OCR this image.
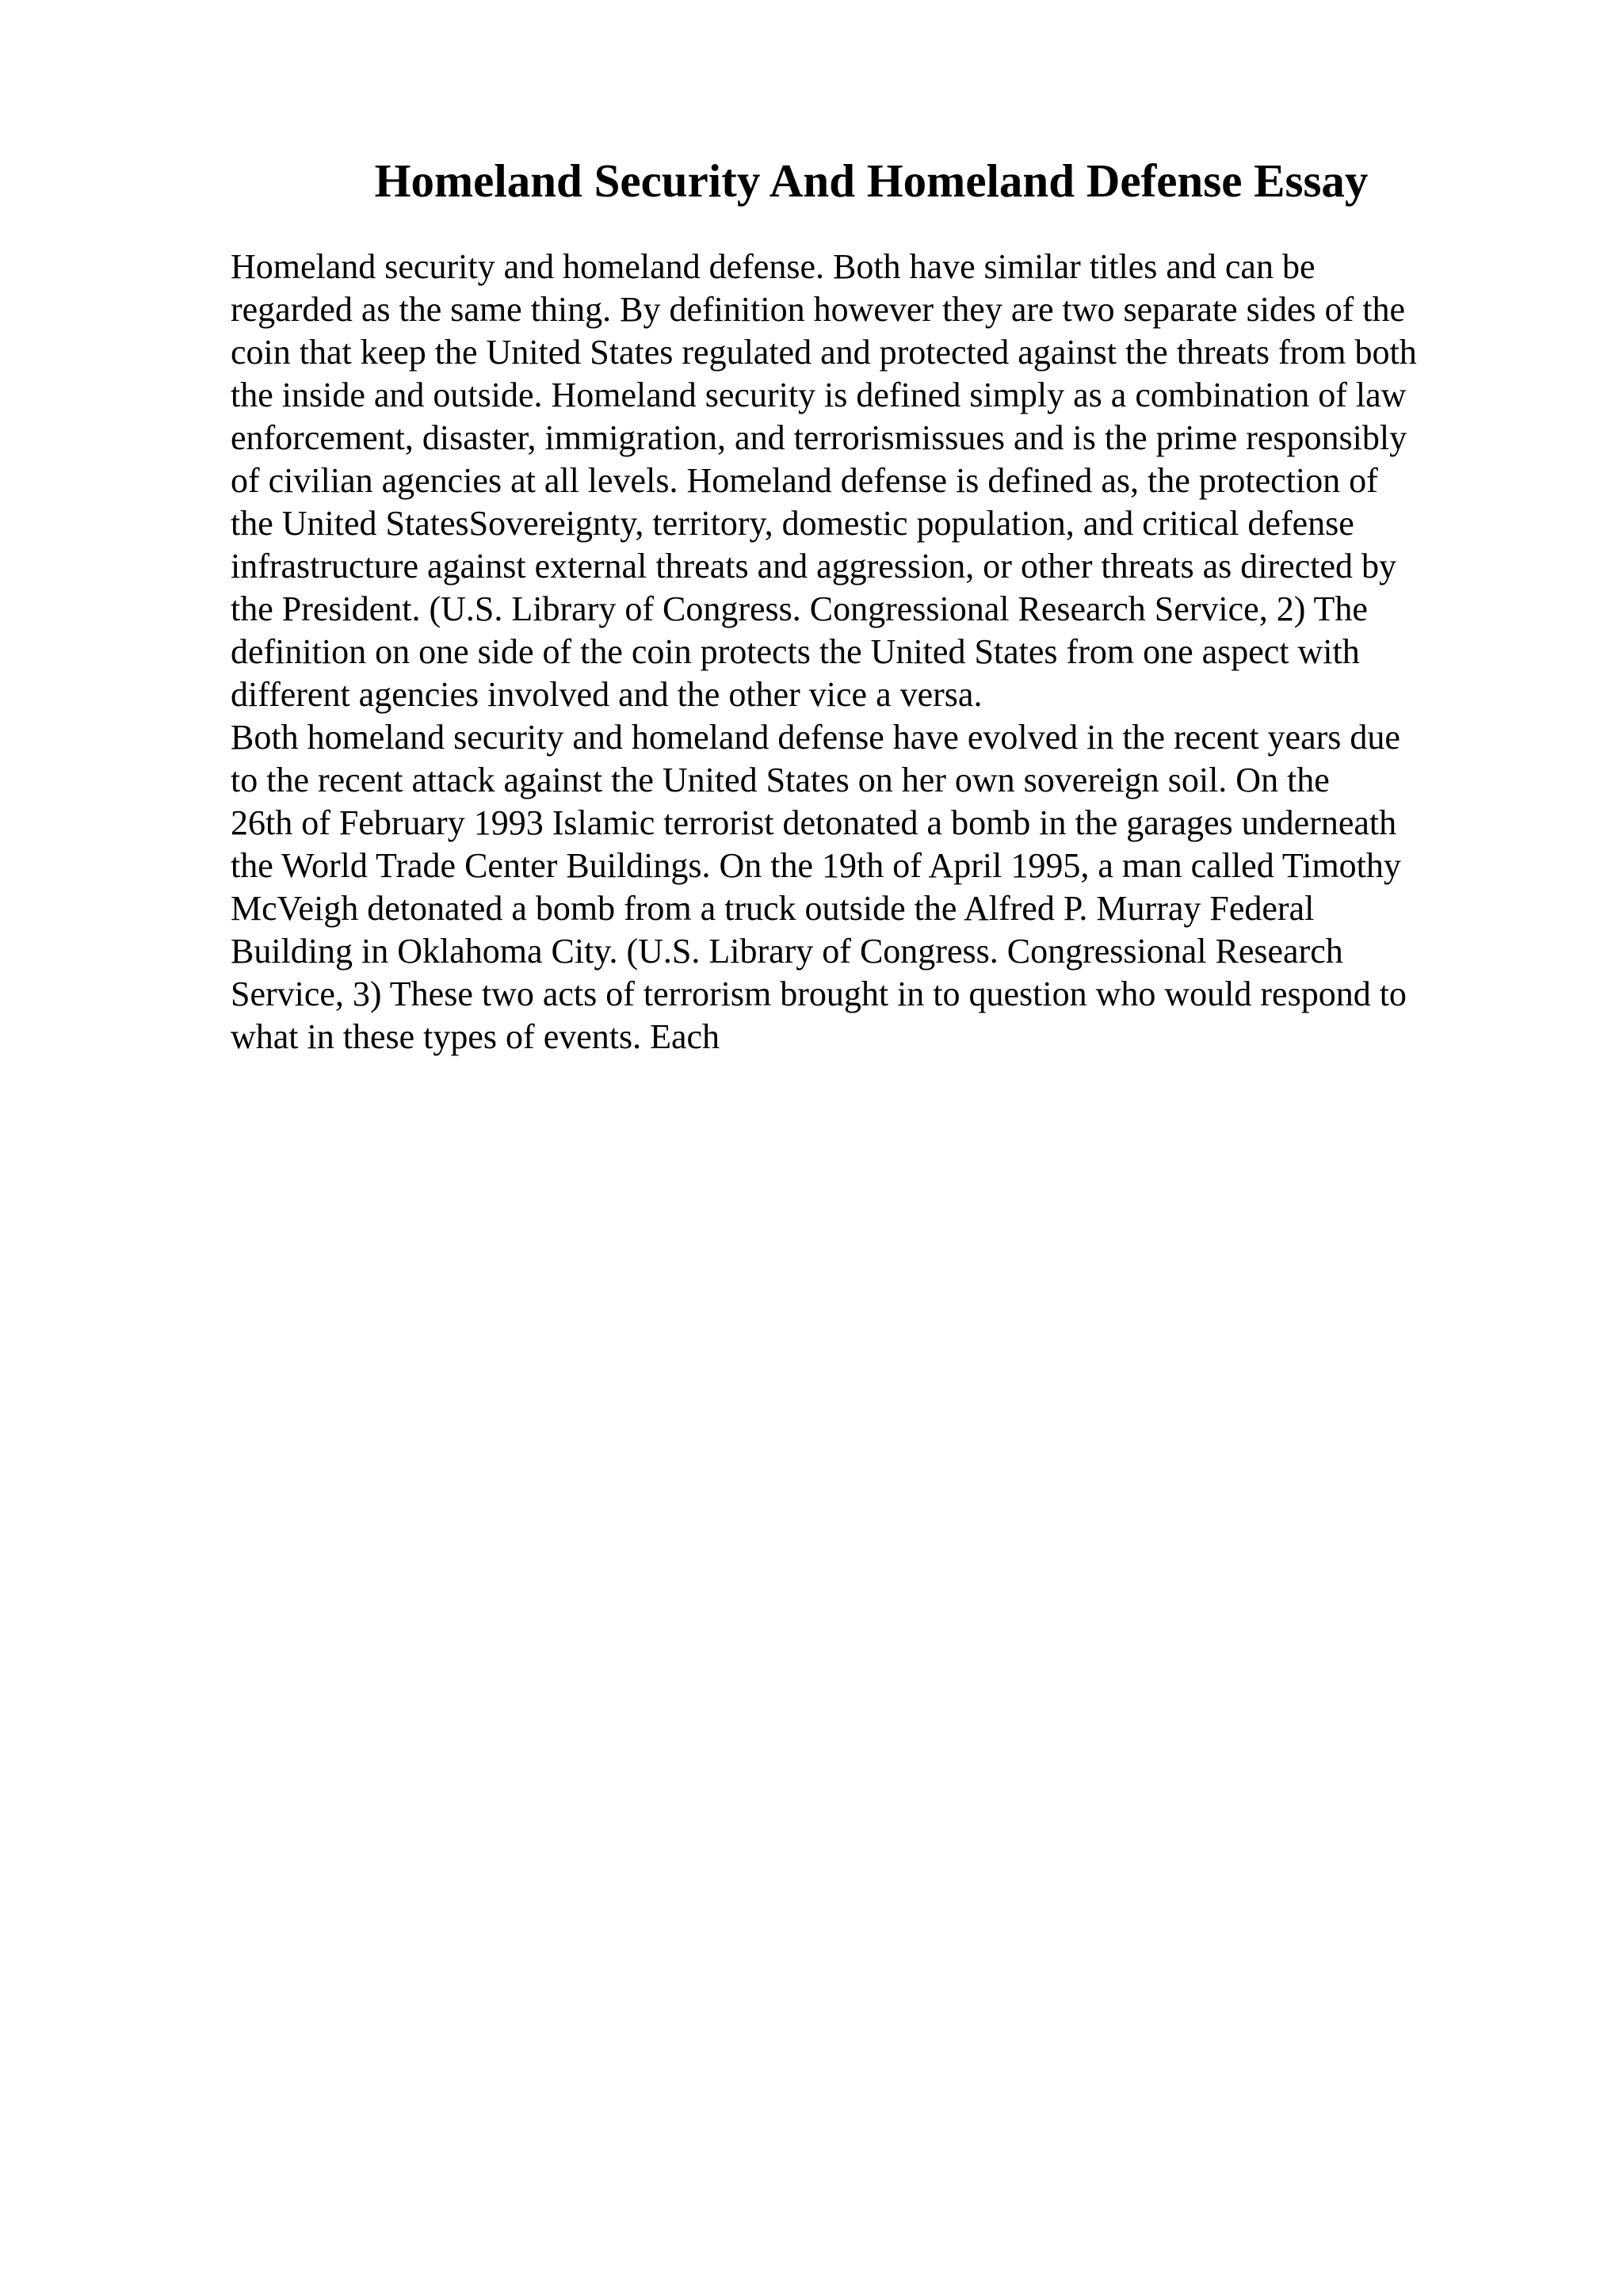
Homeland Security And Homeland Defense Essay

Homeland security and homeland defense. Both have similar titles and can be

regarded as the same thing. By definition however they are two separate sides of the

coin that keep the United States regulated and protected against the threats from both

the inside and outside. Homeland security is defined simply as a combination of law

enforcement, disaster, immigration, and terrorismissues and is the prime responsibly

of civilian agencies at all levels. Homeland defense is defined as, the protection of

the United StatesSovereignty, territory, domestic population, and critical defense

infrastructure against external threats and aggression, or other threats as directed by

the President. (U.S. Library of Congress. Congressional Research Service, 2) The

definition on one side of the coin protects the United States from one aspect with

different agencies involved and the other vice a versa.

Both homeland security and homeland defense have evolved in the recent years due

to the recent attack against the United States on her own sovereign soil. On the

26th of February 1993 Islamic terrorist detonated a bomb in the garages underneath

the World Trade Center Buildings. On the 19th of April 1995, a man called Timothy

McVeigh detonated a bomb from a truck outside the Alfred P. Murray Federal

Building in Oklahoma City. (U.S. Library of Congress. Congressional Research

Service, 3) These two acts of terrorism brought in to question who would respond to

what in these types of events. Each
